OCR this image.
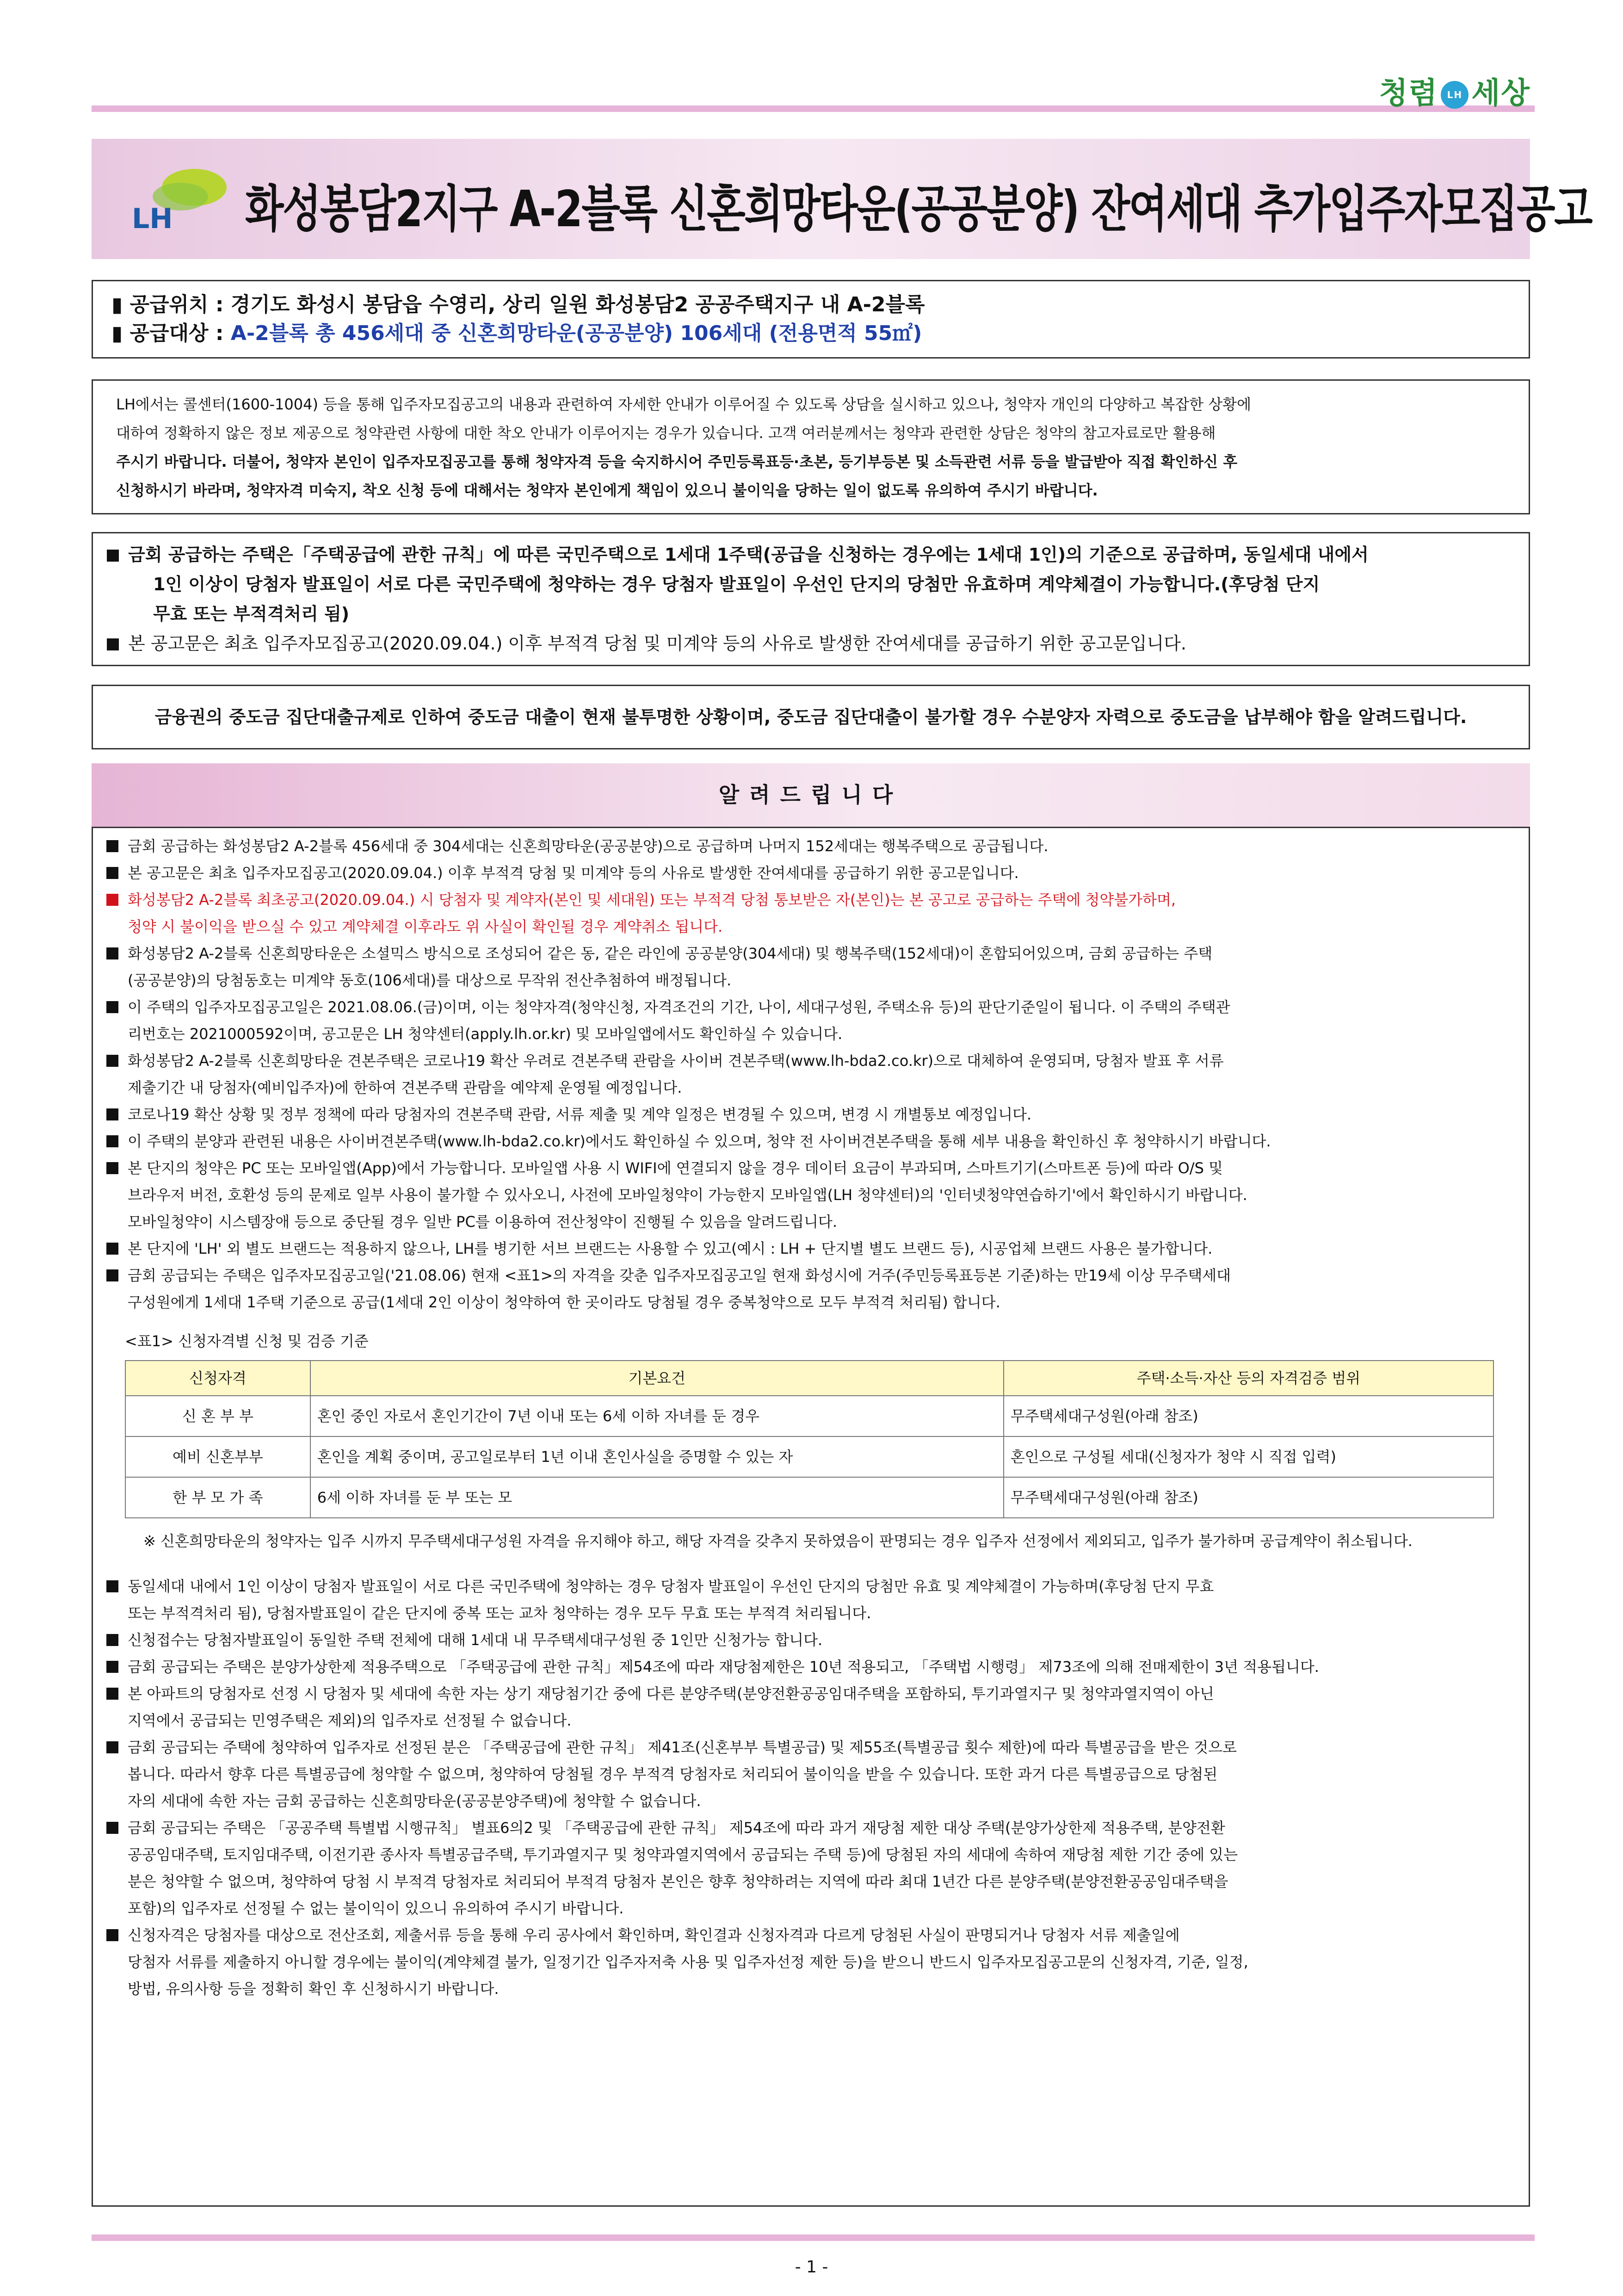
청렴 LH 세상
LH 화성봉담2지구 A-2블록 신혼희망타운(공공분양) 잔여세대 추가입주자모집공고
▮ 공급위치 : 경기도 화성시 봉담읍 수영리, 상리 일원 화성봉담2 공공주택지구 내 A-2블록
▮ 공급대상 : A-2블록 총 456세대 중 신혼희망타운(공공분양) 106세대 (전용면적 55㎡)
LH에서는 콜센터(1600-1004) 등을 통해 입주자모집공고의 내용과 관련하여 자세한 안내가 이루어질 수 있도록 상담을 실시하고 있으나, 청약자 개인의 다양하고 복잡한 상황에
대하여 정확하지 않은 정보 제공으로 청약관련 사항에 대한 착오 안내가 이루어지는 경우가 있습니다. 고객 여러분께서는 청약과 관련한 상담은 청약의 참고자료로만 활용해
주시기 바랍니다. 더불어, 청약자 본인이 입주자모집공고를 통해 청약자격 등을 숙지하시어 주민등록표등·초본, 등기부등본 및 소득관련 서류 등을 발급받아 직접 확인하신 후
신청하시기 바라며, 청약자격 미숙지, 착오 신청 등에 대해서는 청약자 본인에게 책임이 있으니 불이익을 당하는 일이 없도록 유의하여 주시기 바랍니다.
금회 공급하는 주택은「주택공급에 관한 규칙」에 따른 국민주택으로 1세대 1주택(공급을 신청하는 경우에는 1세대 1인)의 기준으로 공급하며, 동일세대 내에서
1인 이상이 당첨자 발표일이 서로 다른 국민주택에 청약하는 경우 당첨자 발표일이 우선인 단지의 당첨만 유효하며 계약체결이 가능합니다.(후당첨 단지
무효 또는 부적격처리 됨)
본 공고문은 최초 입주자모집공고(2020.09.04.) 이후 부적격 당첨 및 미계약 등의 사유로 발생한 잔여세대를 공급하기 위한 공고문입니다.
금융권의 중도금 집단대출규제로 인하여 중도금 대출이 현재 불투명한 상황이며, 중도금 집단대출이 불가할 경우 수분양자 자력으로 중도금을 납부해야 함을 알려드립니다.
알려드립니다
금회 공급하는 화성봉담2 A-2블록 456세대 중 304세대는 신혼희망타운(공공분양)으로 공급하며 나머지 152세대는 행복주택으로 공급됩니다.
본 공고문은 최초 입주자모집공고(2020.09.04.) 이후 부적격 당첨 및 미계약 등의 사유로 발생한 잔여세대를 공급하기 위한 공고문입니다.
화성봉담2 A-2블록 최초공고(2020.09.04.) 시 당첨자 및 계약자(본인 및 세대원) 또는 부적격 당첨 통보받은 자(본인)는 본 공고로 공급하는 주택에 청약불가하며,
청약 시 불이익을 받으실 수 있고 계약체결 이후라도 위 사실이 확인될 경우 계약취소 됩니다.
화성봉담2 A-2블록 신혼희망타운은 소셜믹스 방식으로 조성되어 같은 동, 같은 라인에 공공분양(304세대) 및 행복주택(152세대)이 혼합되어있으며, 금회 공급하는 주택
(공공분양)의 당첨동호는 미계약 동호(106세대)를 대상으로 무작위 전산추첨하여 배정됩니다.
이 주택의 입주자모집공고일은 2021.08.06.(금)이며, 이는 청약자격(청약신청, 자격조건의 기간, 나이, 세대구성원, 주택소유 등)의 판단기준일이 됩니다. 이 주택의 주택관
리번호는 2021000592이며, 공고문은 LH 청약센터(apply.lh.or.kr) 및 모바일앱에서도 확인하실 수 있습니다.
화성봉담2 A-2블록 신혼희망타운 견본주택은 코로나19 확산 우려로 견본주택 관람을 사이버 견본주택(www.lh-bda2.co.kr)으로 대체하여 운영되며, 당첨자 발표 후 서류
제출기간 내 당첨자(예비입주자)에 한하여 견본주택 관람을 예약제 운영될 예정입니다.
코로나19 확산 상황 및 정부 정책에 따라 당첨자의 견본주택 관람, 서류 제출 및 계약 일정은 변경될 수 있으며, 변경 시 개별통보 예정입니다.
이 주택의 분양과 관련된 내용은 사이버견본주택(www.lh-bda2.co.kr)에서도 확인하실 수 있으며, 청약 전 사이버견본주택을 통해 세부 내용을 확인하신 후 청약하시기 바랍니다.
본 단지의 청약은 PC 또는 모바일앱(App)에서 가능합니다. 모바일앱 사용 시 WIFI에 연결되지 않을 경우 데이터 요금이 부과되며, 스마트기기(스마트폰 등)에 따라 O/S 및
브라우저 버전, 호환성 등의 문제로 일부 사용이 불가할 수 있사오니, 사전에 모바일청약이 가능한지 모바일앱(LH 청약센터)의 '인터넷청약연습하기'에서 확인하시기 바랍니다.
모바일청약이 시스템장애 등으로 중단될 경우 일반 PC를 이용하여 전산청약이 진행될 수 있음을 알려드립니다.
본 단지에 'LH' 외 별도 브랜드는 적용하지 않으나, LH를 병기한 서브 브랜드는 사용할 수 있고(예시 : LH + 단지별 별도 브랜드 등), 시공업체 브랜드 사용은 불가합니다.
금회 공급되는 주택은 입주자모집공고일('21.08.06) 현재 <표1>의 자격을 갖춘 입주자모집공고일 현재 화성시에 거주(주민등록표등본 기준)하는 만19세 이상 무주택세대
구성원에게 1세대 1주택 기준으로 공급(1세대 2인 이상이 청약하여 한 곳이라도 당첨될 경우 중복청약으로 모두 부적격 처리됨) 합니다.
<표1> 신청자격별 신청 및 검증 기준
신청자격	기본요건	주택·소득·자산 등의 자격검증 범위
신 혼 부 부	혼인 중인 자로서 혼인기간이 7년 이내 또는 6세 이하 자녀를 둔 경우	무주택세대구성원(아래 참조)
예비 신혼부부	혼인을 계획 중이며, 공고일로부터 1년 이내 혼인사실을 증명할 수 있는 자	혼인으로 구성될 세대(신청자가 청약 시 직접 입력)
한 부 모 가 족	6세 이하 자녀를 둔 부 또는 모	무주택세대구성원(아래 참조)
※ 신혼희망타운의 청약자는 입주 시까지 무주택세대구성원 자격을 유지해야 하고, 해당 자격을 갖추지 못하였음이 판명되는 경우 입주자 선정에서 제외되고, 입주가 불가하며 공급계약이 취소됩니다.
동일세대 내에서 1인 이상이 당첨자 발표일이 서로 다른 국민주택에 청약하는 경우 당첨자 발표일이 우선인 단지의 당첨만 유효 및 계약체결이 가능하며(후당첨 단지 무효
또는 부적격처리 됨), 당첨자발표일이 같은 단지에 중복 또는 교차 청약하는 경우 모두 무효 또는 부적격 처리됩니다.
신청접수는 당첨자발표일이 동일한 주택 전체에 대해 1세대 내 무주택세대구성원 중 1인만 신청가능 합니다.
금회 공급되는 주택은 분양가상한제 적용주택으로 「주택공급에 관한 규칙」제54조에 따라 재당첨제한은 10년 적용되고, 「주택법 시행령」 제73조에 의해 전매제한이 3년 적용됩니다.
본 아파트의 당첨자로 선정 시 당첨자 및 세대에 속한 자는 상기 재당첨기간 중에 다른 분양주택(분양전환공공임대주택을 포함하되, 투기과열지구 및 청약과열지역이 아닌
지역에서 공급되는 민영주택은 제외)의 입주자로 선정될 수 없습니다.
금회 공급되는 주택에 청약하여 입주자로 선정된 분은 「주택공급에 관한 규칙」 제41조(신혼부부 특별공급) 및 제55조(특별공급 횟수 제한)에 따라 특별공급을 받은 것으로
봅니다. 따라서 향후 다른 특별공급에 청약할 수 없으며, 청약하여 당첨될 경우 부적격 당첨자로 처리되어 불이익을 받을 수 있습니다. 또한 과거 다른 특별공급으로 당첨된
자의 세대에 속한 자는 금회 공급하는 신혼희망타운(공공분양주택)에 청약할 수 없습니다.
금회 공급되는 주택은 「공공주택 특별법 시행규칙」 별표6의2 및 「주택공급에 관한 규칙」 제54조에 따라 과거 재당첨 제한 대상 주택(분양가상한제 적용주택, 분양전환
공공임대주택, 토지임대주택, 이전기관 종사자 특별공급주택, 투기과열지구 및 청약과열지역에서 공급되는 주택 등)에 당첨된 자의 세대에 속하여 재당첨 제한 기간 중에 있는
분은 청약할 수 없으며, 청약하여 당첨 시 부적격 당첨자로 처리되어 부적격 당첨자 본인은 향후 청약하려는 지역에 따라 최대 1년간 다른 분양주택(분양전환공공임대주택을
포함)의 입주자로 선정될 수 없는 불이익이 있으니 유의하여 주시기 바랍니다.
신청자격은 당첨자를 대상으로 전산조회, 제출서류 등을 통해 우리 공사에서 확인하며, 확인결과 신청자격과 다르게 당첨된 사실이 판명되거나 당첨자 서류 제출일에
당첨자 서류를 제출하지 아니할 경우에는 불이익(계약체결 불가, 일정기간 입주자저축 사용 및 입주자선정 제한 등)을 받으니 반드시 입주자모집공고문의 신청자격, 기준, 일정,
방법, 유의사항 등을 정확히 확인 후 신청하시기 바랍니다.
- 1 -
